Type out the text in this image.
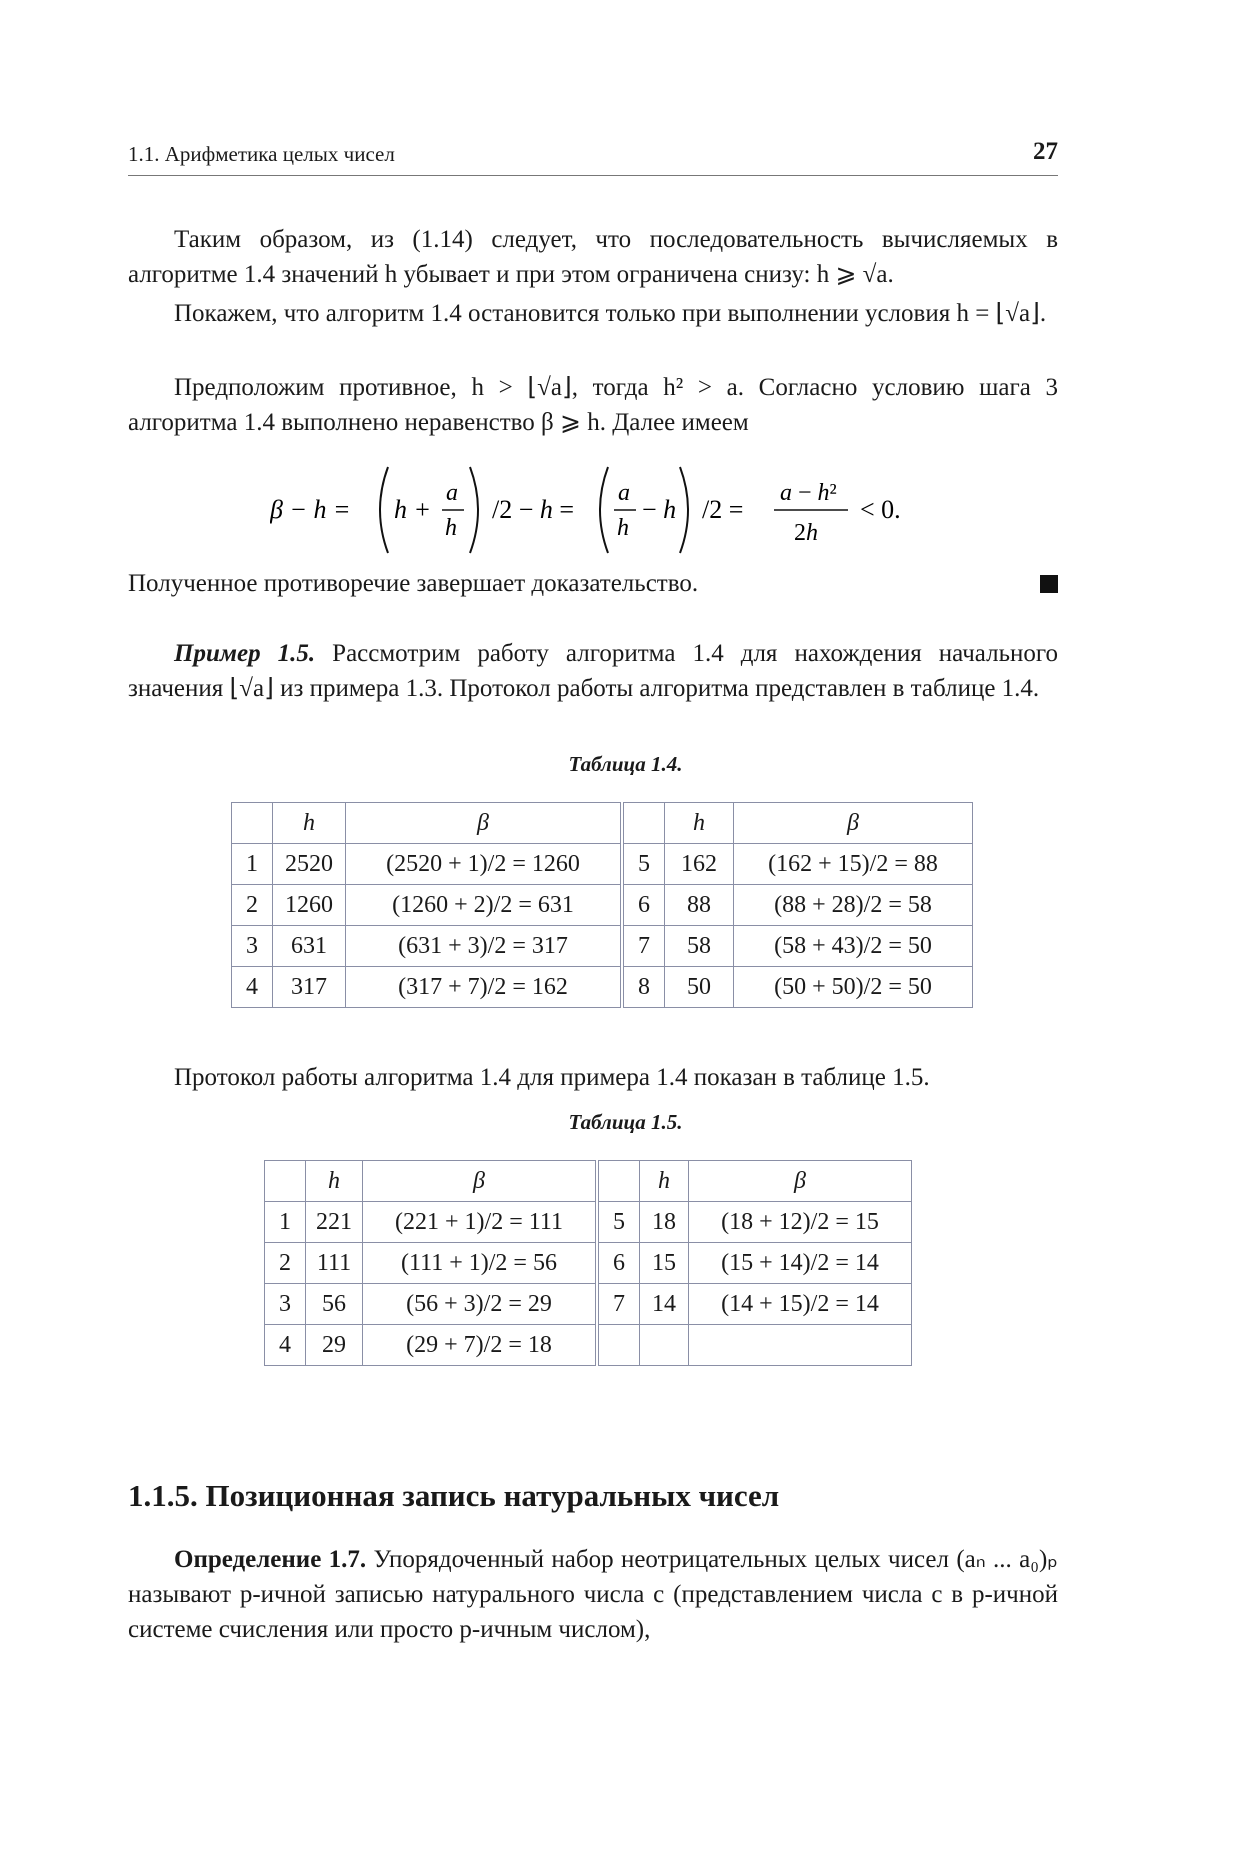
1.1. Арифметика целых чисел	27
Таким образом, из (1.14) следует, что последовательность вычисляемых в алгоритме 1.4 значений h убывает и при этом ограничена снизу: h ⩾ √a.
Покажем, что алгоритм 1.4 остановится только при выполнении условия h = ⌊√a⌋.
Предположим противное, h > ⌊√a⌋, тогда h² > a. Согласно условию шага 3 алгоритма 1.4 выполнено неравенство β ⩾ h. Далее имеем
β − h = h +
a
h
/2 − h =
a
h
− h /2 =
a − h²
2h
< 0.
Полученное противоречие завершает доказательство.
Пример 1.5. Рассмотрим работу алгоритма 1.4 для нахождения начального значения ⌊√a⌋ из примера 1.3. Протокол работы алгоритма представлен в таблице 1.4.
Таблица 1.4.
	h	β		h	β
1	2520	(2520 + 1)/2 = 1260	5	162	(162 + 15)/2 = 88
2	1260	(1260 + 2)/2 = 631	6	88	(88 + 28)/2 = 58
3	631	(631 + 3)/2 = 317	7	58	(58 + 43)/2 = 50
4	317	(317 + 7)/2 = 162	8	50	(50 + 50)/2 = 50
Протокол работы алгоритма 1.4 для примера 1.4 показан в таблице 1.5.
Таблица 1.5.
	h	β		h	β
1	221	(221 + 1)/2 = 111	5	18	(18 + 12)/2 = 15
2	111	(111 + 1)/2 = 56	6	15	(15 + 14)/2 = 14
3	56	(56 + 3)/2 = 29	7	14	(14 + 15)/2 = 14
4	29	(29 + 7)/2 = 18			
1.1.5. Позиционная запись натуральных чисел
Определение 1.7. Упорядоченный набор неотрицательных целых чисел (aₙ ... a₀)ₚ называют p-ичной записью натурального числа c (представлением числа c в p-ичной системе счисления или просто p-ичным числом),
